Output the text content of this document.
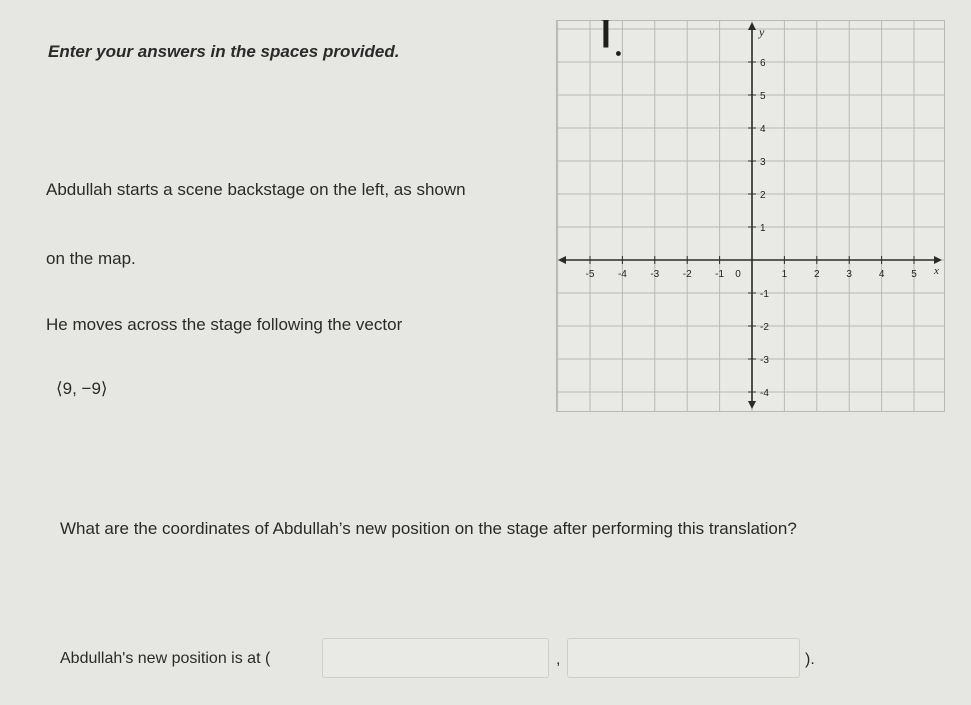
Enter your answers in the spaces provided.
Abdullah starts a scene backstage on the left, as shown
on the map.
He moves across the stage following the vector
⟨9, −9⟩
What are the coordinates of Abdullah’s new position on the stage after performing this translation?
Abdullah's new position is at (	,	).
x
y
-5 -4 -3 -2 -1 0	1	2	3	4	5
6
5
4
3
2
1
-1
-2
-3
-4
